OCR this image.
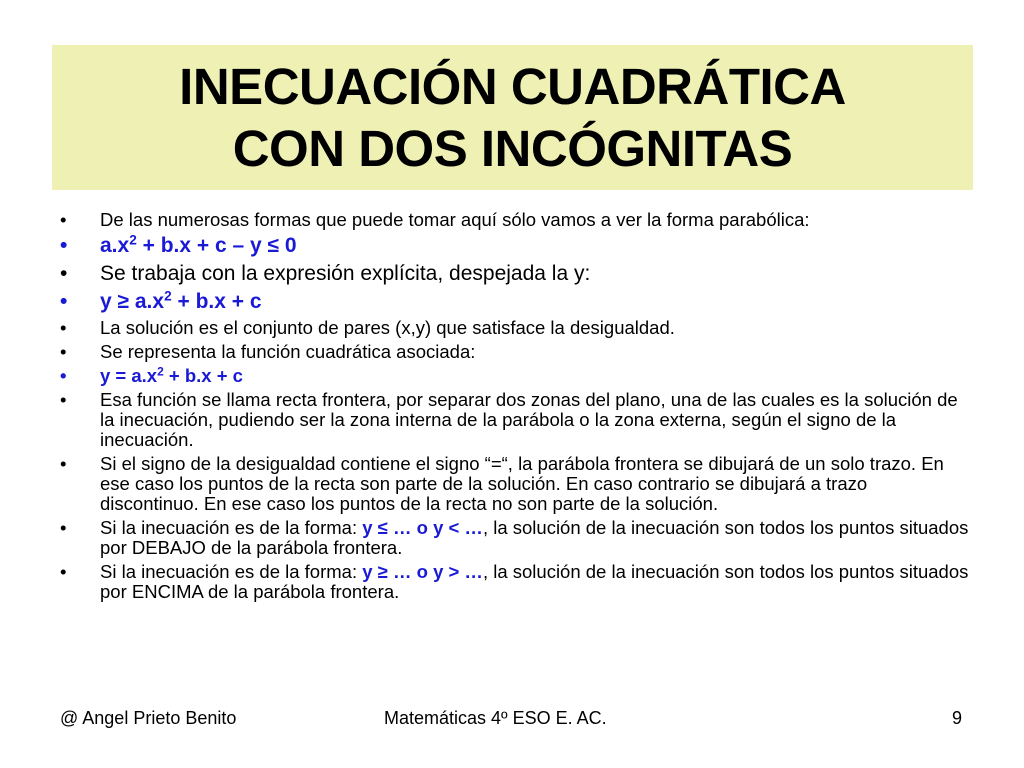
INECUACIÓN CUADRÁTICA
CON DOS INCÓGNITAS
•	De las numerosas formas que puede tomar aquí sólo vamos a ver la forma parabólica:
•	$a.x^2 + b.x + c - y \le 0$
•	Se trabaja con la expresión explícita, despejada la y:
•	$y \ge a.x^2 + b.x + c$
•	La solución es el conjunto de pares (x,y) que satisface la desigualdad.
•	Se representa la función cuadrática asociada:
•	$y = a.x^2 + b.x + c$
•	Esa función se llama recta frontera, por separar dos zonas del plano, una de las cuales es la solución de la inecuación, pudiendo ser la zona interna de la parábola o la zona externa, según el signo de la inecuación.
•	Si el signo de la desigualdad contiene el signo “=“, la parábola frontera se dibujará de un solo trazo. En ese caso los puntos de la recta son parte de la solución. En caso contrario se dibujará a trazo discontinuo. En ese caso los puntos de la recta no son parte de la solución.
•	Si la inecuación es de la forma: y ≤ … o y < …, la solución de la inecuación son todos los puntos situados por DEBAJO de la parábola frontera.
•	Si la inecuación es de la forma: y ≥ … o y > …, la solución de la inecuación son todos los puntos situados por ENCIMA de la parábola frontera.
@ Angel Prieto Benito	Matemáticas 4º ESO E. AC.	9
